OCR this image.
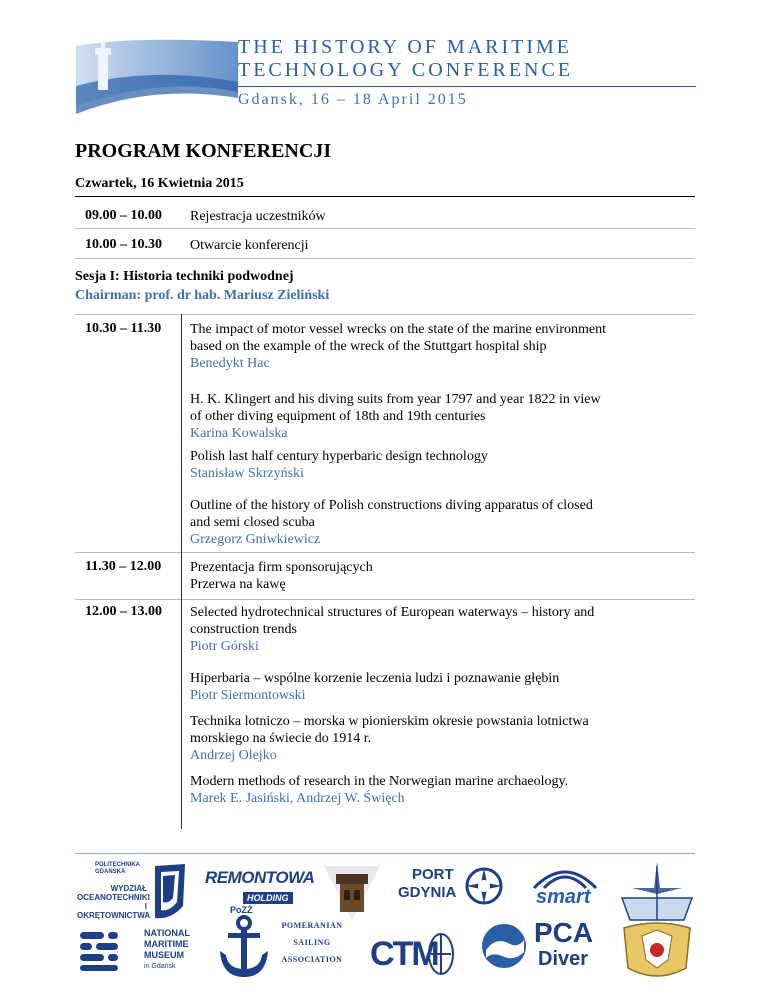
THE HISTORY OF MARITIME
TECHNOLOGY CONFERENCE
Gdansk, 16 – 18 April 2015
PROGRAM KONFERENCJI
Czwartek, 16 Kwietnia 2015
09.00 – 10.00 Rejestracja uczestników
10.00 – 10.30 Otwarcie konferencji
Sesja I: Historia techniki podwodnej
Chairman: prof. dr hab. Mariusz Zieliński
10.30 – 11.30 The impact of motor vessel wrecks on the state of the marine environment
based on the example of the wreck of the Stuttgart hospital ship
Benedykt Hac
H. K. Klingert and his diving suits from year 1797 and year 1822 in view
of other diving equipment of 18th and 19th centuries
Karina Kowalska
Polish last half century hyperbaric design technology
Stanisław Skrzyński
Outline of the history of Polish constructions diving apparatus of closed
and semi closed scuba
Grzegorz Gniwkiewicz
11.30 – 12.00 Prezentacja firm sponsorujących
Przerwa na kawę
12.00 – 13.00 Selected hydrotechnical structures of European waterways – history and
construction trends
Piotr Górski
Hiperbaria – wspólne korzenie leczenia ludzi i poznawanie głębin
Piotr Siermontowski
Technika lotniczo – morska w pionierskim okresie powstania lotnictwa
morskiego na świecie do 1914 r.
Andrzej Olejko
Modern methods of research in the Norwegian marine archaeology.
Marek E. Jasiński, Andrzej W. Święch
POLITECHNIKA
GDAŃSKA
WYDZIAŁ
OCEANOTECHNIKI
I OKRĘTOWNICTWA
NATIONAL
MARITIME
MUSEUM
in Gdańsk
REMONTOWA
HOLDING
PoZŻ
POMERANIAN
SAILING
ASSOCIATION CTM
PORT
GDYNIA
PCA
Diver
smart
